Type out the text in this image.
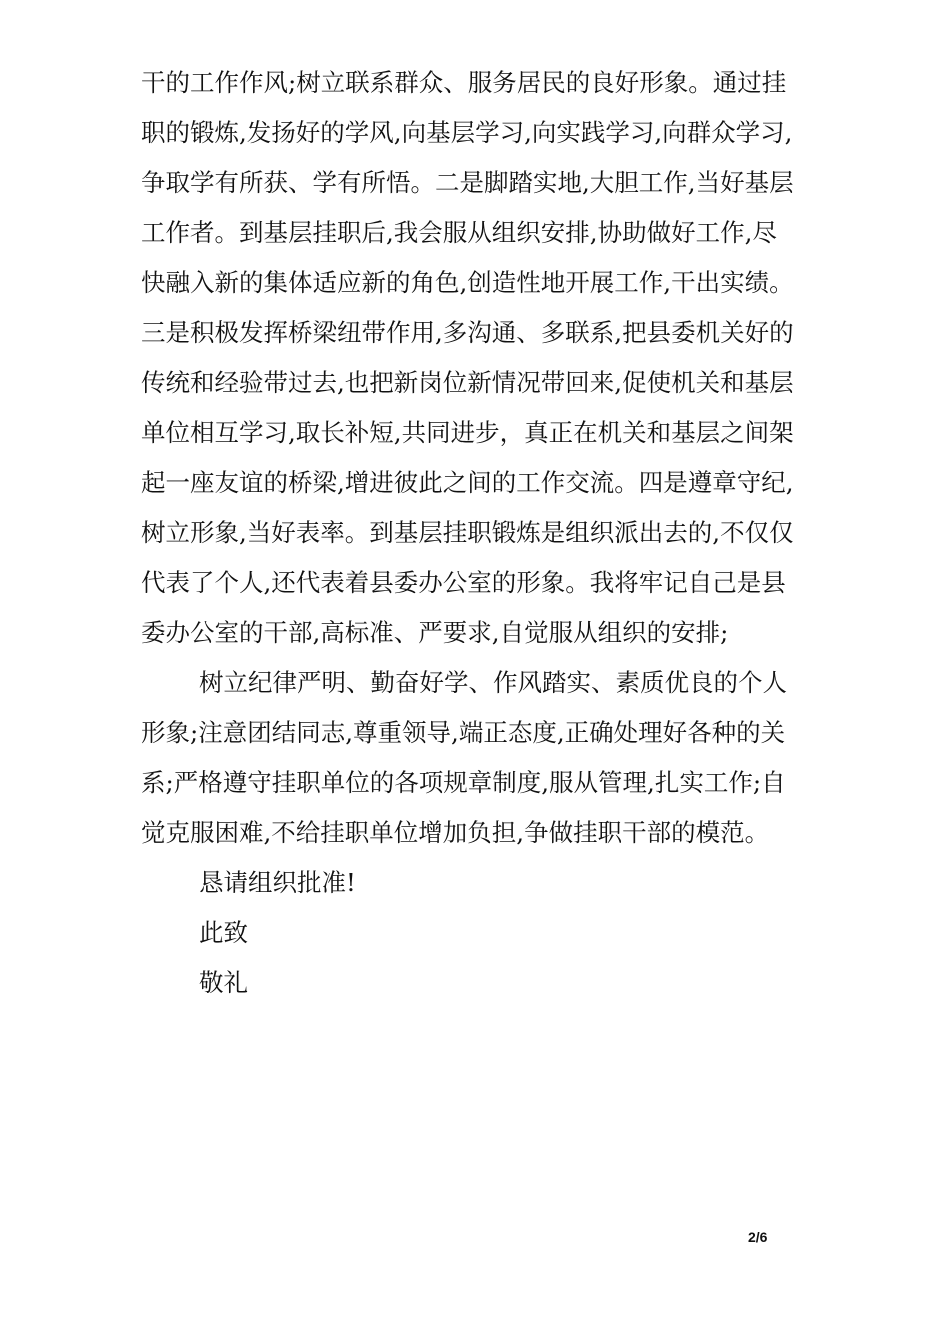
干的工作作风;树立联系群众、服务居民的良好形象。通过挂
职的锻炼,发扬好的学风,向基层学习,向实践学习,向群众学习,
争取学有所获、学有所悟。二是脚踏实地,大胆工作,当好基层
工作者。到基层挂职后,我会服从组织安排,协助做好工作,尽
快融入新的集体适应新的角色,创造性地开展工作,干出实绩。
三是积极发挥桥梁纽带作用,多沟通、多联系,把县委机关好的
传统和经验带过去,也把新岗位新情况带回来,促使机关和基层
单位相互学习,取长补短,共同进步，真正在机关和基层之间架
起一座友谊的桥梁,增进彼此之间的工作交流。四是遵章守纪,
树立形象,当好表率。到基层挂职锻炼是组织派出去的,不仅仅
代表了个人,还代表着县委办公室的形象。我将牢记自己是县
委办公室的干部,高标准、严要求,自觉服从组织的安排;
树立纪律严明、勤奋好学、作风踏实、素质优良的个人
形象;注意团结同志,尊重领导,端正态度,正确处理好各种的关
系;严格遵守挂职单位的各项规章制度,服从管理,扎实工作;自
觉克服困难,不给挂职单位增加负担,争做挂职干部的模范。
恳请组织批准!
此致
敬礼
2/6
